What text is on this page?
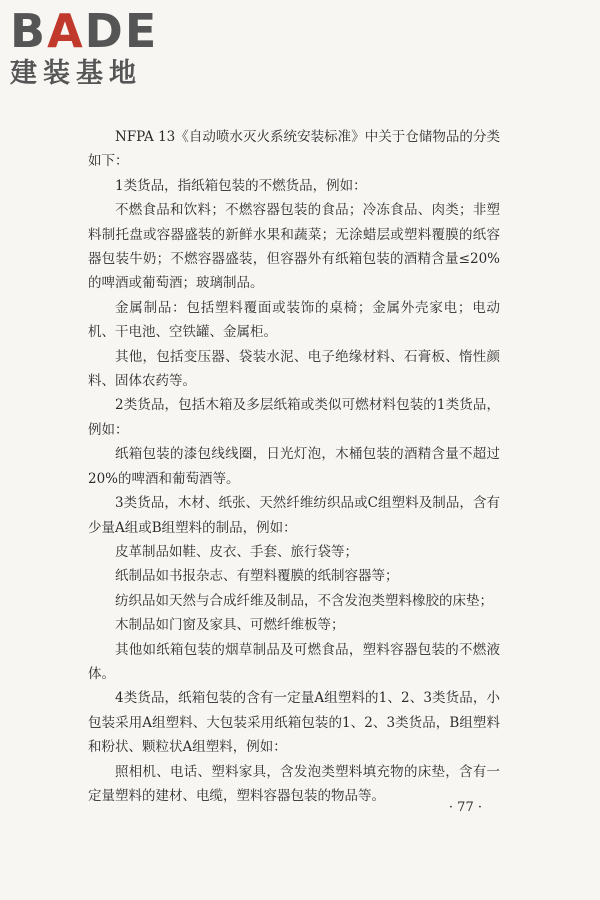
BADE
建装基地

NFPA 13《自动喷水灭火系统安装标准》中关于仓储物品的分类如下：

1类货品，指纸箱包装的不燃货品，例如：

不燃食品和饮料；不燃容器包装的食品；冷冻食品、肉类；非塑料制托盘或容器盛装的新鲜水果和蔬菜；无涂蜡层或塑料覆膜的纸容器包装牛奶；不燃容器盛装，但容器外有纸箱包装的酒精含量≤20%的啤酒或葡萄酒；玻璃制品。

金属制品：包括塑料覆面或装饰的桌椅；金属外壳家电；电动机、干电池、空铁罐、金属柜。

其他，包括变压器、袋装水泥、电子绝缘材料、石膏板、惰性颜料、固体农药等。

2类货品，包括木箱及多层纸箱或类似可燃材料包装的1类货品，例如：

纸箱包装的漆包线线圈，日光灯泡，木桶包装的酒精含量不超过20%的啤酒和葡萄酒等。

3类货品，木材、纸张、天然纤维纺织品或C组塑料及制品，含有少量A组或B组塑料的制品，例如：

皮革制品如鞋、皮衣、手套、旅行袋等；

纸制品如书报杂志、有塑料覆膜的纸制容器等；

纺织品如天然与合成纤维及制品，不含发泡类塑料橡胶的床垫；

木制品如门窗及家具、可燃纤维板等；

其他如纸箱包装的烟草制品及可燃食品，塑料容器包装的不燃液体。

4类货品，纸箱包装的含有一定量A组塑料的1、2、3类货品，小包装采用A组塑料、大包装采用纸箱包装的1、2、3类货品，B组塑料和粉状、颗粒状A组塑料，例如：

照相机、电话、塑料家具，含发泡类塑料填充物的床垫，含有一定量塑料的建材、电缆，塑料容器包装的物品等。

· 77 ·
